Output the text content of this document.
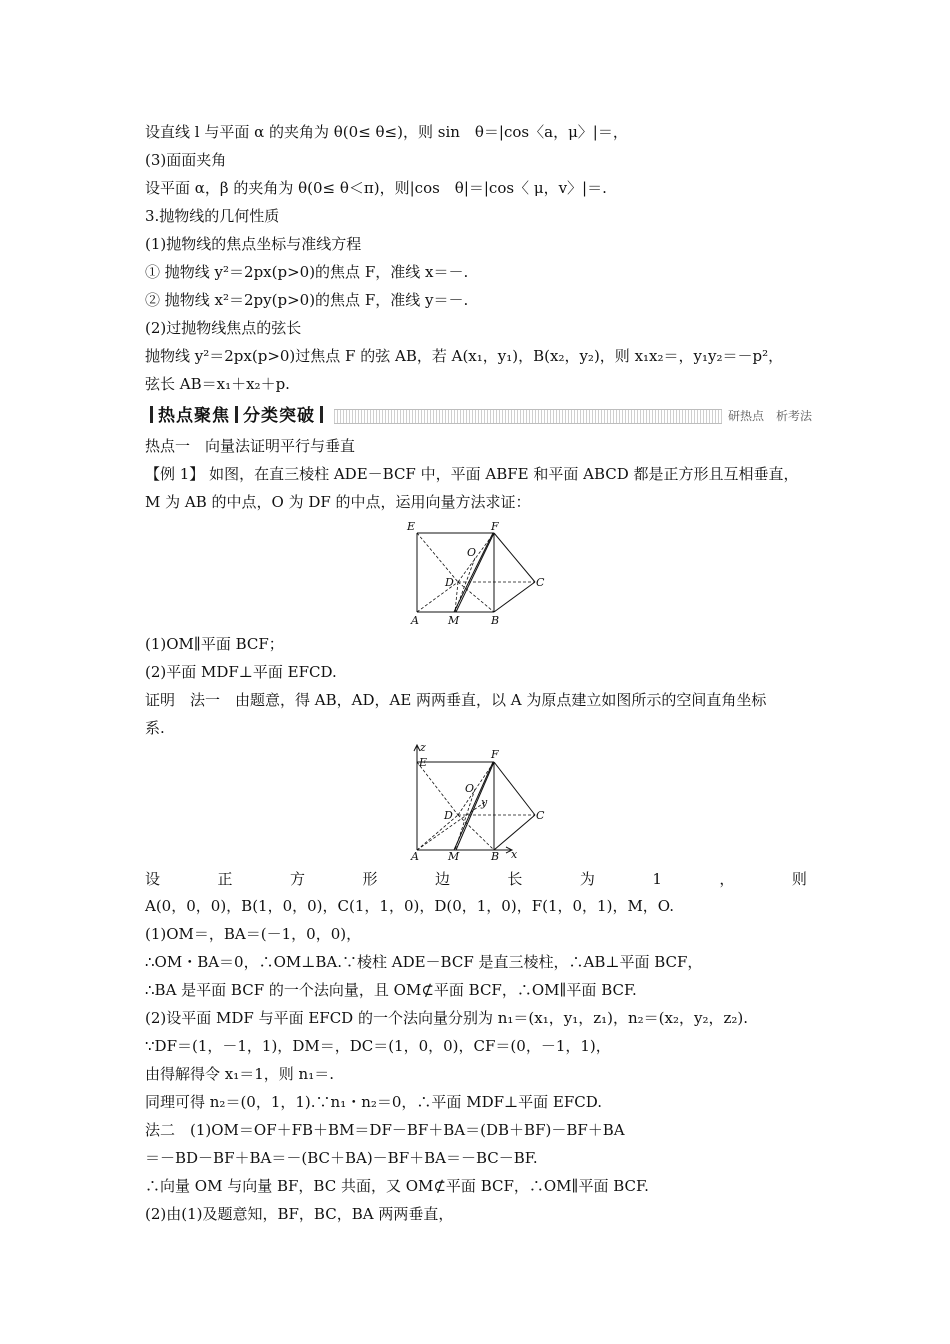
设直线 l 与平面 α 的夹角为 θ(0≤ θ≤)，则 sin　θ＝|cos〈a，μ〉|＝，
(3)面面夹角
设平面 α，β 的夹角为 θ(0≤ θ＜π)，则|cos　θ|＝|cos〈 μ，v〉|＝.
3.抛物线的几何性质
(1)抛物线的焦点坐标与准线方程
① 抛物线 y²＝2px(p>0)的焦点 F，准线 x＝－.
② 抛物线 x²＝2py(p>0)的焦点 F，准线 y＝－.
(2)过抛物线焦点的弦长
抛物线 y²＝2px(p>0)过焦点 F 的弦 AB，若 A(x₁，y₁)，B(x₂，y₂)，则 x₁x₂＝，y₁y₂＝－p²，
弦长 AB＝x₁＋x₂＋p.
热点聚焦 分类突破	研热点　析考法
热点一　向量法证明平行与垂直
【例 1】 如图，在直三棱柱 ADE－BCF 中，平面 ABFE 和平面 ABCD 都是正方形且互相垂直，
M 为 AB 的中点，O 为 DF 的中点，运用向量方法求证：
E	F
O
D	C
A	M	B
(1)OM∥平面 BCF；
(2)平面 MDF⊥平面 EFCD.
证明　法一　由题意，得 AB，AD，AE 两两垂直，以 A 为原点建立如图所示的空间直角坐标
系.
z
E
F
O
y
D	C
A	M	B x
设	正	方	形	边	长	为	1	，	则
A(0，0，0)，B(1，0，0)，C(1，1，0)，D(0，1，0)，F(1，0，1)，M，O.
(1)OM＝，BA＝(－1，0，0)，
∴OM・BA＝0，∴OM⊥BA.∵棱柱 ADE－BCF 是直三棱柱，∴AB⊥平面 BCF，
∴BA 是平面 BCF 的一个法向量，且 OM⊄平面 BCF，∴OM∥平面 BCF.
(2)设平面 MDF 与平面 EFCD 的一个法向量分别为 n₁＝(x₁，y₁，z₁)，n₂＝(x₂，y₂，z₂).
∵DF＝(1，－1，1)，DM＝，DC＝(1，0，0)，CF＝(0，－1，1)，
由得解得令 x₁＝1，则 n₁＝.
同理可得 n₂＝(0，1，1).∵n₁・n₂＝0，∴平面 MDF⊥平面 EFCD.
法二　(1)OM＝OF＋FB＋BM＝DF－BF＋BA＝(DB＋BF)－BF＋BA
＝－BD－BF＋BA＝－(BC＋BA)－BF＋BA＝－BC－BF.
∴向量 OM 与向量 BF，BC 共面，又 OM⊄平面 BCF，∴OM∥平面 BCF.
(2)由(1)及题意知，BF，BC，BA 两两垂直，
